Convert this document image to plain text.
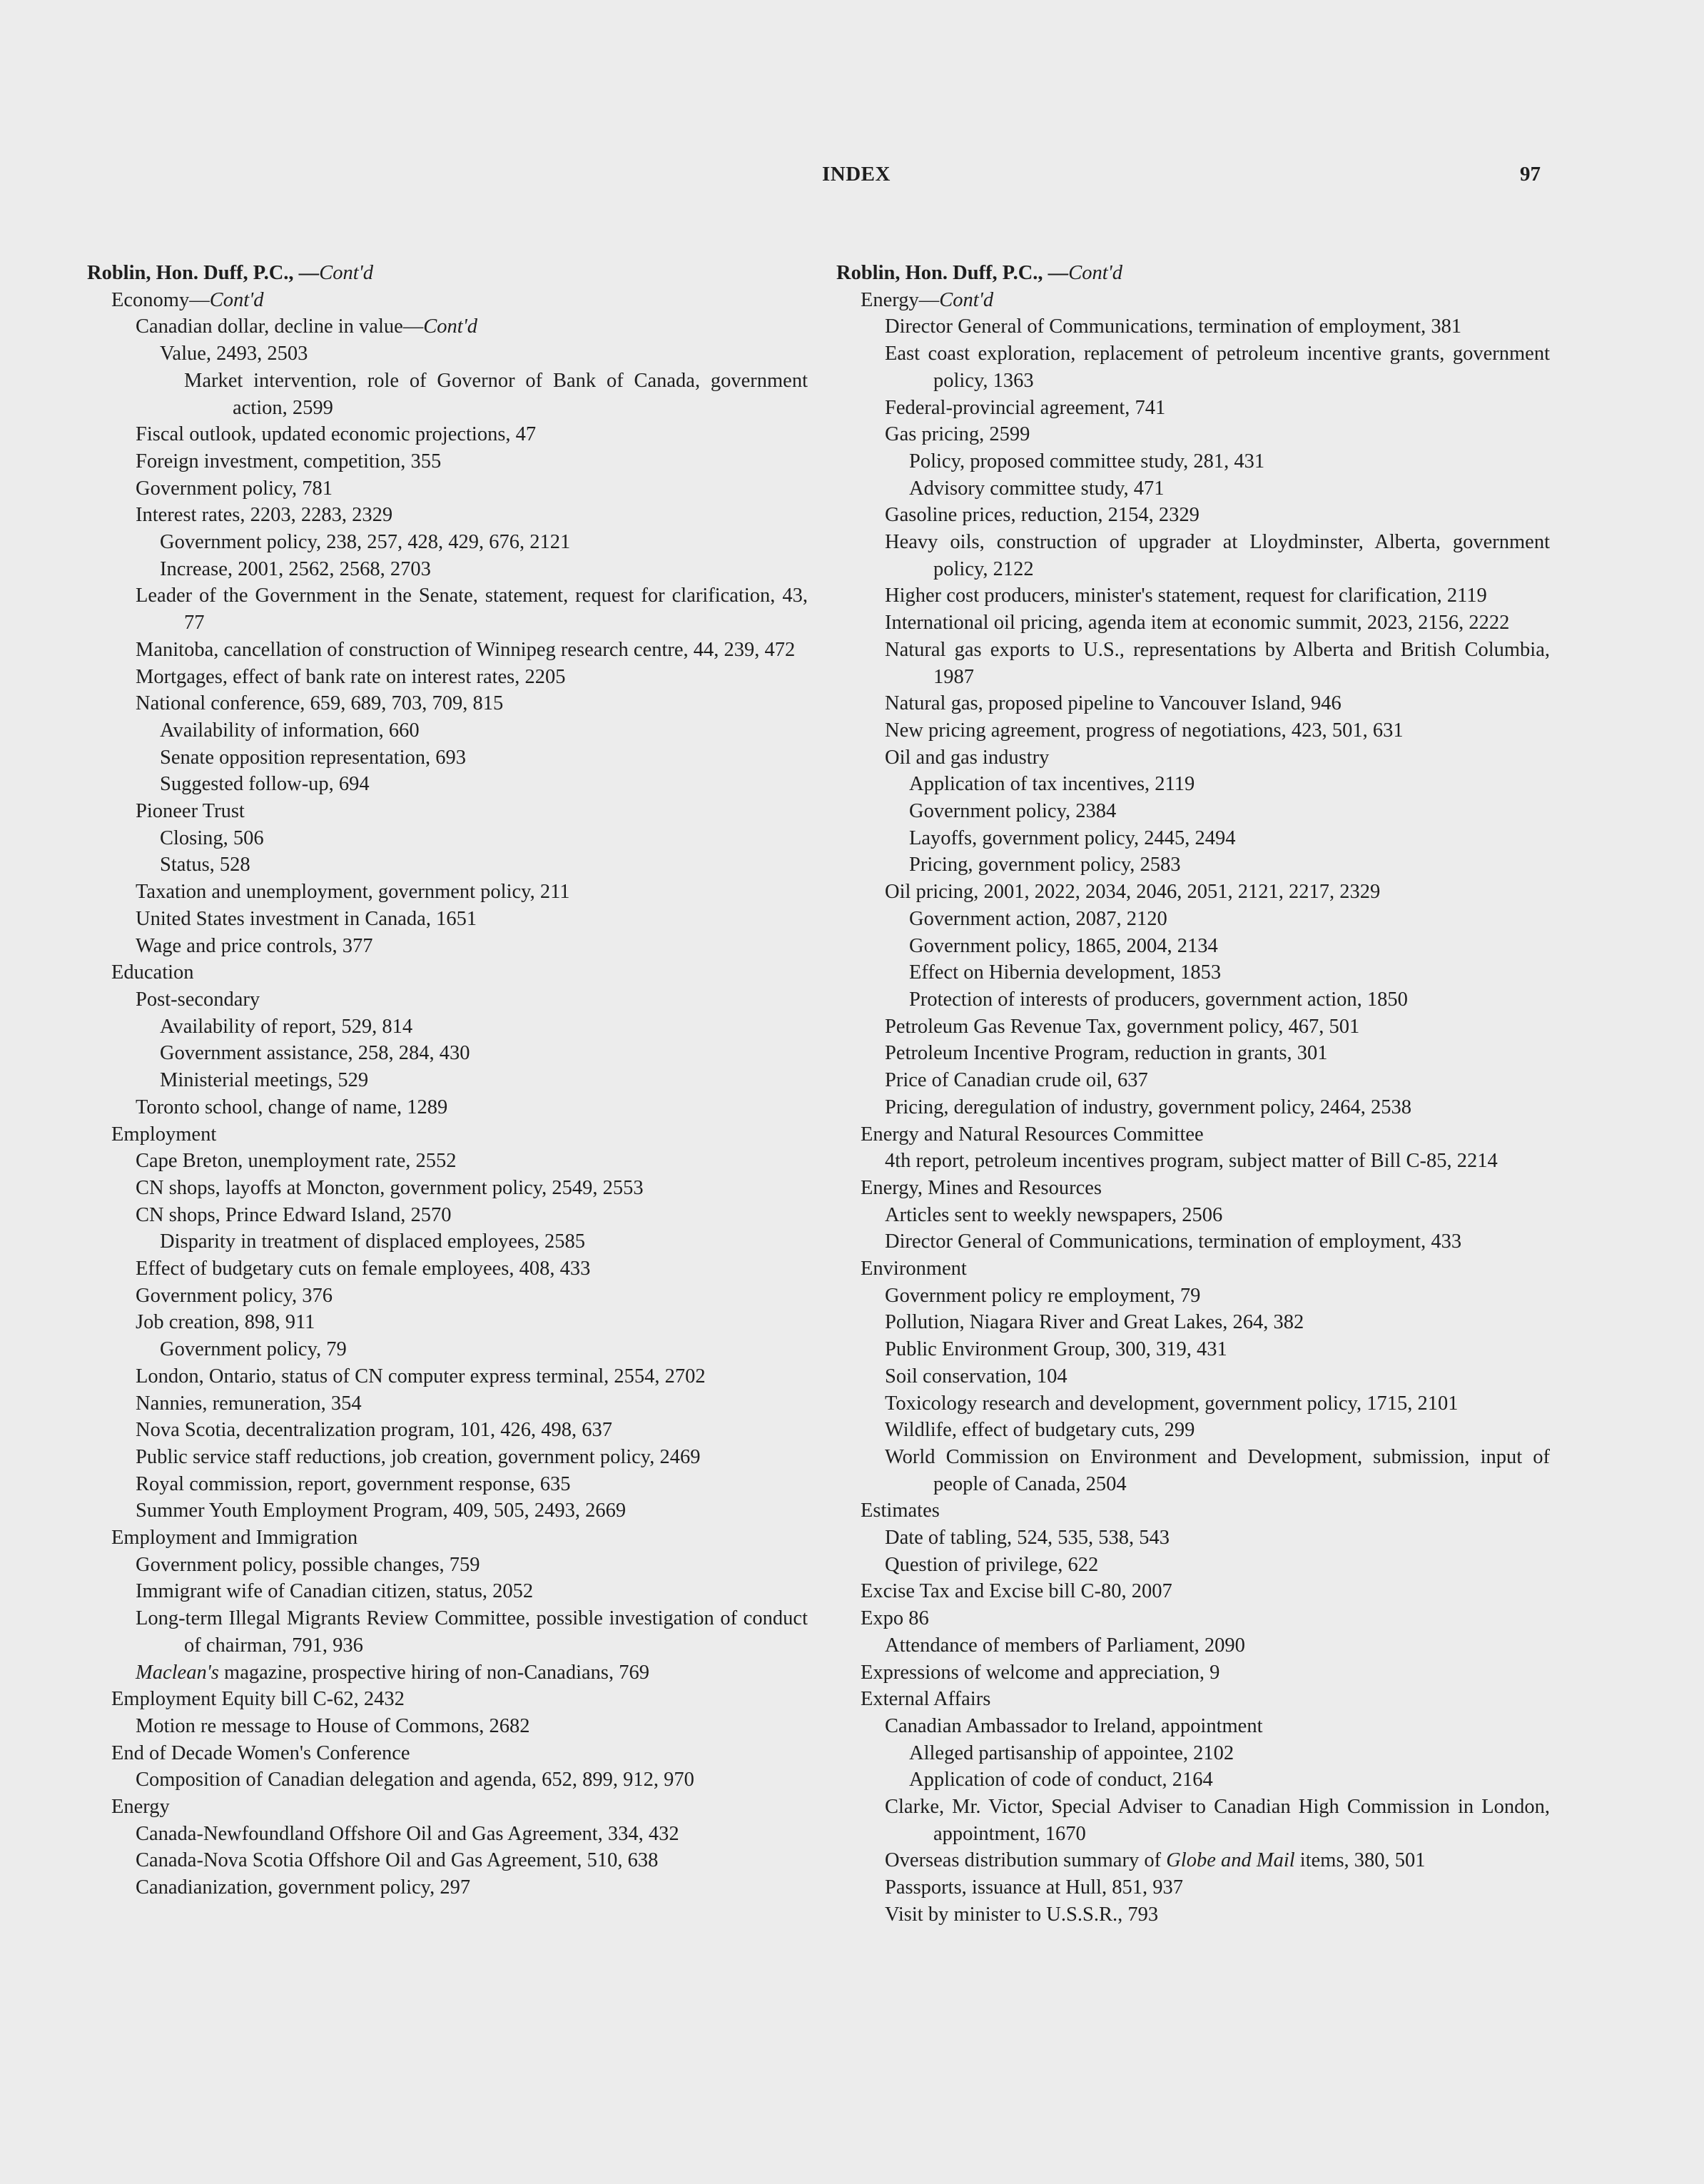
INDEX	97
Roblin, Hon. Duff, P.C., —Cont'd
Economy—Cont'd
Canadian dollar, decline in value—Cont'd
Value, 2493, 2503
Market intervention, role of Governor of Bank of Canada, government action, 2599
Fiscal outlook, updated economic projections, 47
Foreign investment, competition, 355
Government policy, 781
Interest rates, 2203, 2283, 2329
Government policy, 238, 257, 428, 429, 676, 2121
Increase, 2001, 2562, 2568, 2703
Leader of the Government in the Senate, statement, request for clarification, 43, 77
Manitoba, cancellation of construction of Winnipeg research centre, 44, 239, 472
Mortgages, effect of bank rate on interest rates, 2205
National conference, 659, 689, 703, 709, 815
Availability of information, 660
Senate opposition representation, 693
Suggested follow-up, 694
Pioneer Trust
Closing, 506
Status, 528
Taxation and unemployment, government policy, 211
United States investment in Canada, 1651
Wage and price controls, 377
Education
Post-secondary
Availability of report, 529, 814
Government assistance, 258, 284, 430
Ministerial meetings, 529
Toronto school, change of name, 1289
Employment
Cape Breton, unemployment rate, 2552
CN shops, layoffs at Moncton, government policy, 2549, 2553
CN shops, Prince Edward Island, 2570
Disparity in treatment of displaced employees, 2585
Effect of budgetary cuts on female employees, 408, 433
Government policy, 376
Job creation, 898, 911
Government policy, 79
London, Ontario, status of CN computer express terminal, 2554, 2702
Nannies, remuneration, 354
Nova Scotia, decentralization program, 101, 426, 498, 637
Public service staff reductions, job creation, government policy, 2469
Royal commission, report, government response, 635
Summer Youth Employment Program, 409, 505, 2493, 2669
Employment and Immigration
Government policy, possible changes, 759
Immigrant wife of Canadian citizen, status, 2052
Long-term Illegal Migrants Review Committee, possible investigation of conduct of chairman, 791, 936
Maclean's magazine, prospective hiring of non-Canadians, 769
Employment Equity bill C-62, 2432
Motion re message to House of Commons, 2682
End of Decade Women's Conference
Composition of Canadian delegation and agenda, 652, 899, 912, 970
Energy
Canada-Newfoundland Offshore Oil and Gas Agreement, 334, 432
Canada-Nova Scotia Offshore Oil and Gas Agreement, 510, 638
Canadianization, government policy, 297
Roblin, Hon. Duff, P.C., —Cont'd
Energy—Cont'd
Director General of Communications, termination of employment, 381
East coast exploration, replacement of petroleum incentive grants, government policy, 1363
Federal-provincial agreement, 741
Gas pricing, 2599
Policy, proposed committee study, 281, 431
Advisory committee study, 471
Gasoline prices, reduction, 2154, 2329
Heavy oils, construction of upgrader at Lloydminster, Alberta, government policy, 2122
Higher cost producers, minister's statement, request for clarification, 2119
International oil pricing, agenda item at economic summit, 2023, 2156, 2222
Natural gas exports to U.S., representations by Alberta and British Columbia, 1987
Natural gas, proposed pipeline to Vancouver Island, 946
New pricing agreement, progress of negotiations, 423, 501, 631
Oil and gas industry
Application of tax incentives, 2119
Government policy, 2384
Layoffs, government policy, 2445, 2494
Pricing, government policy, 2583
Oil pricing, 2001, 2022, 2034, 2046, 2051, 2121, 2217, 2329
Government action, 2087, 2120
Government policy, 1865, 2004, 2134
Effect on Hibernia development, 1853
Protection of interests of producers, government action, 1850
Petroleum Gas Revenue Tax, government policy, 467, 501
Petroleum Incentive Program, reduction in grants, 301
Price of Canadian crude oil, 637
Pricing, deregulation of industry, government policy, 2464, 2538
Energy and Natural Resources Committee
4th report, petroleum incentives program, subject matter of Bill C-85, 2214
Energy, Mines and Resources
Articles sent to weekly newspapers, 2506
Director General of Communications, termination of employment, 433
Environment
Government policy re employment, 79
Pollution, Niagara River and Great Lakes, 264, 382
Public Environment Group, 300, 319, 431
Soil conservation, 104
Toxicology research and development, government policy, 1715, 2101
Wildlife, effect of budgetary cuts, 299
World Commission on Environment and Development, submission, input of people of Canada, 2504
Estimates
Date of tabling, 524, 535, 538, 543
Question of privilege, 622
Excise Tax and Excise bill C-80, 2007
Expo 86
Attendance of members of Parliament, 2090
Expressions of welcome and appreciation, 9
External Affairs
Canadian Ambassador to Ireland, appointment
Alleged partisanship of appointee, 2102
Application of code of conduct, 2164
Clarke, Mr. Victor, Special Adviser to Canadian High Commission in London, appointment, 1670
Overseas distribution summary of Globe and Mail items, 380, 501
Passports, issuance at Hull, 851, 937
Visit by minister to U.S.S.R., 793
